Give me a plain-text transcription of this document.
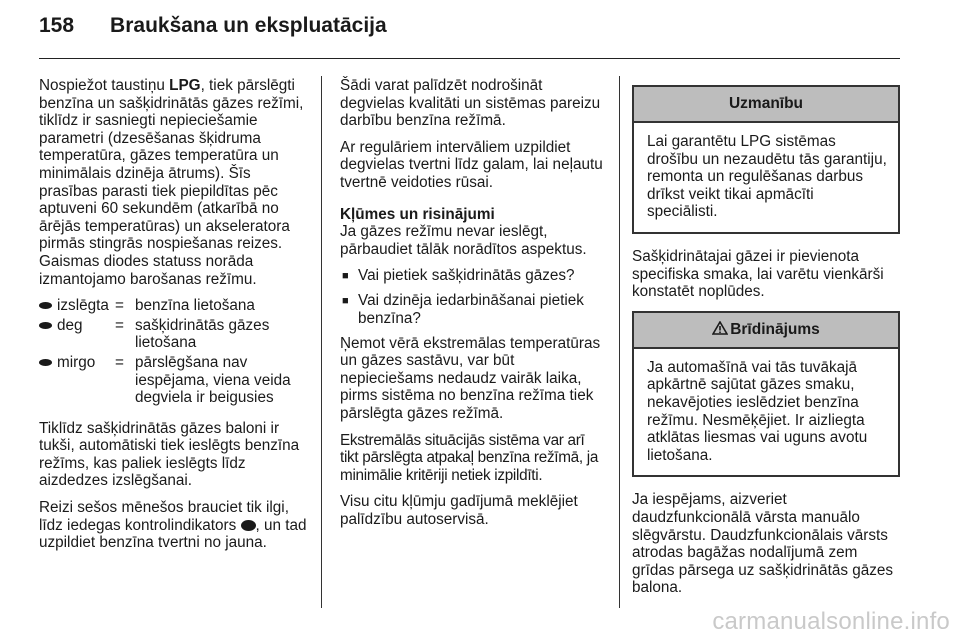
158 Braukšana un ekspluatācija

Nospiežot taustiņu LPG, tiek pārslēgti benzīna un sašķidrinātās gāzes režīmi, tiklīdz ir sasniegti nepieciešamie parametri (dzesēšanas šķidruma temperatūra, gāzes temperatūra un minimālais dzinēja ātrums). Šīs prasības parasti tiek piepildītas pēc aptuveni 60 sekundēm (atkarībā no ārējās temperatūras) un akseleratora pirmās stingrās nospiešanas reizes. Gaismas diodes statuss norāda izmantojamo barošanas režīmu.

izslēgta = benzīna lietošana
deg	= sašķidrinātās gāzes lietošana
mirgo	= pārslēgšana nav iespējama, viena veida degviela ir beigusies

Tiklīdz sašķidrinātās gāzes baloni ir tukši, automātiski tiek ieslēgts benzīna režīms, kas paliek ieslēgts līdz aizdedzes izslēgšanai.

Reizi sešos mēnešos brauciet tik ilgi, līdz iedegas kontrolindikators , un tad uzpildiet benzīna tvertni no jauna.

Šādi varat palīdzēt nodrošināt degvielas kvalitāti un sistēmas pareizu darbību benzīna režīmā.

Ar regulāriem intervāliem uzpildiet degvielas tvertni līdz galam, lai neļautu tvertnē veidoties rūsai.

Kļūmes un risinājumi

Ja gāzes režīmu nevar ieslēgt, pārbaudiet tālāk norādītos aspektus.

■ Vai pietiek sašķidrinātās gāzes?
■ Vai dzinēja iedarbināšanai pietiek benzīna?

Ņemot vērā ekstremālas temperatūras un gāzes sastāvu, var būt nepieciešams nedaudz vairāk laika, pirms sistēma no benzīna režīma tiek pārslēgta gāzes režīmā.

Ekstremālās situācijās sistēma var arī tikt pārslēgta atpakaļ benzīna režīmā, ja minimālie kritēriji netiek izpildīti.

Visu citu kļūmju gadījumā meklējiet palīdzību autoservisā.

Uzmanību
Lai garantētu LPG sistēmas drošību un nezaudētu tās garantiju, remonta un regulēšanas darbus drīkst veikt tikai apmācīti speciālisti.

Sašķidrinātajai gāzei ir pievienota specifiska smaka, lai varētu vienkārši konstatēt noplūdes.

Brīdinājums
Ja automašīnā vai tās tuvākajā apkārtnē sajūtat gāzes smaku, nekavējoties ieslēdziet benzīna režīmu. Nesmēķējiet. Ir aizliegta atklātas liesmas vai uguns avotu lietošana.

Ja iespējams, aizveriet daudzfunkcionālā vārsta manuālo slēgvārstu. Daudzfunkcionālais vārsts atrodas bagāžas nodalījumā zem grīdas pārsega uz sašķidrinātās gāzes balona.

carmanualsonline.info
